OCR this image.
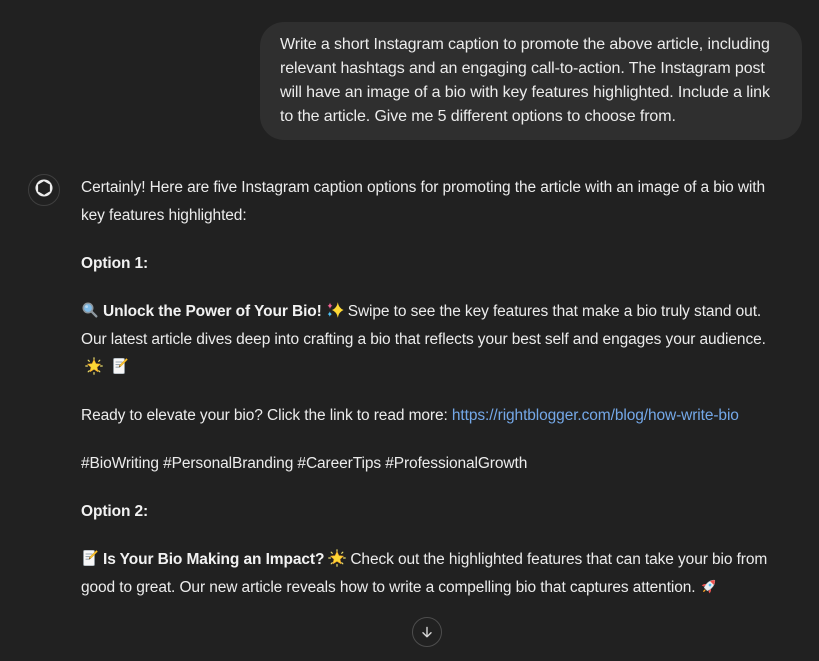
Write a short Instagram caption to promote the above article, including relevant hashtags and an engaging call-to-action. The Instagram post will have an image of a bio with key features highlighted. Include a link to the article. Give me 5 different options to choose from.

Certainly! Here are five Instagram caption options for promoting the article with an image of a bio with key features highlighted:

Option 1:

Unlock the Power of Your Bio! Swipe to see the key features that make a bio truly stand out. Our latest article dives deep into crafting a bio that reflects your best self and engages your audience.

Ready to elevate your bio? Click the link to read more: https://rightblogger.com/blog/how-write-bio

#BioWriting #PersonalBranding #CareerTips #ProfessionalGrowth

Option 2:

Is Your Bio Making an Impact? Check out the highlighted features that can take your bio from good to great. Our new article reveals how to write a compelling bio that captures attention.
